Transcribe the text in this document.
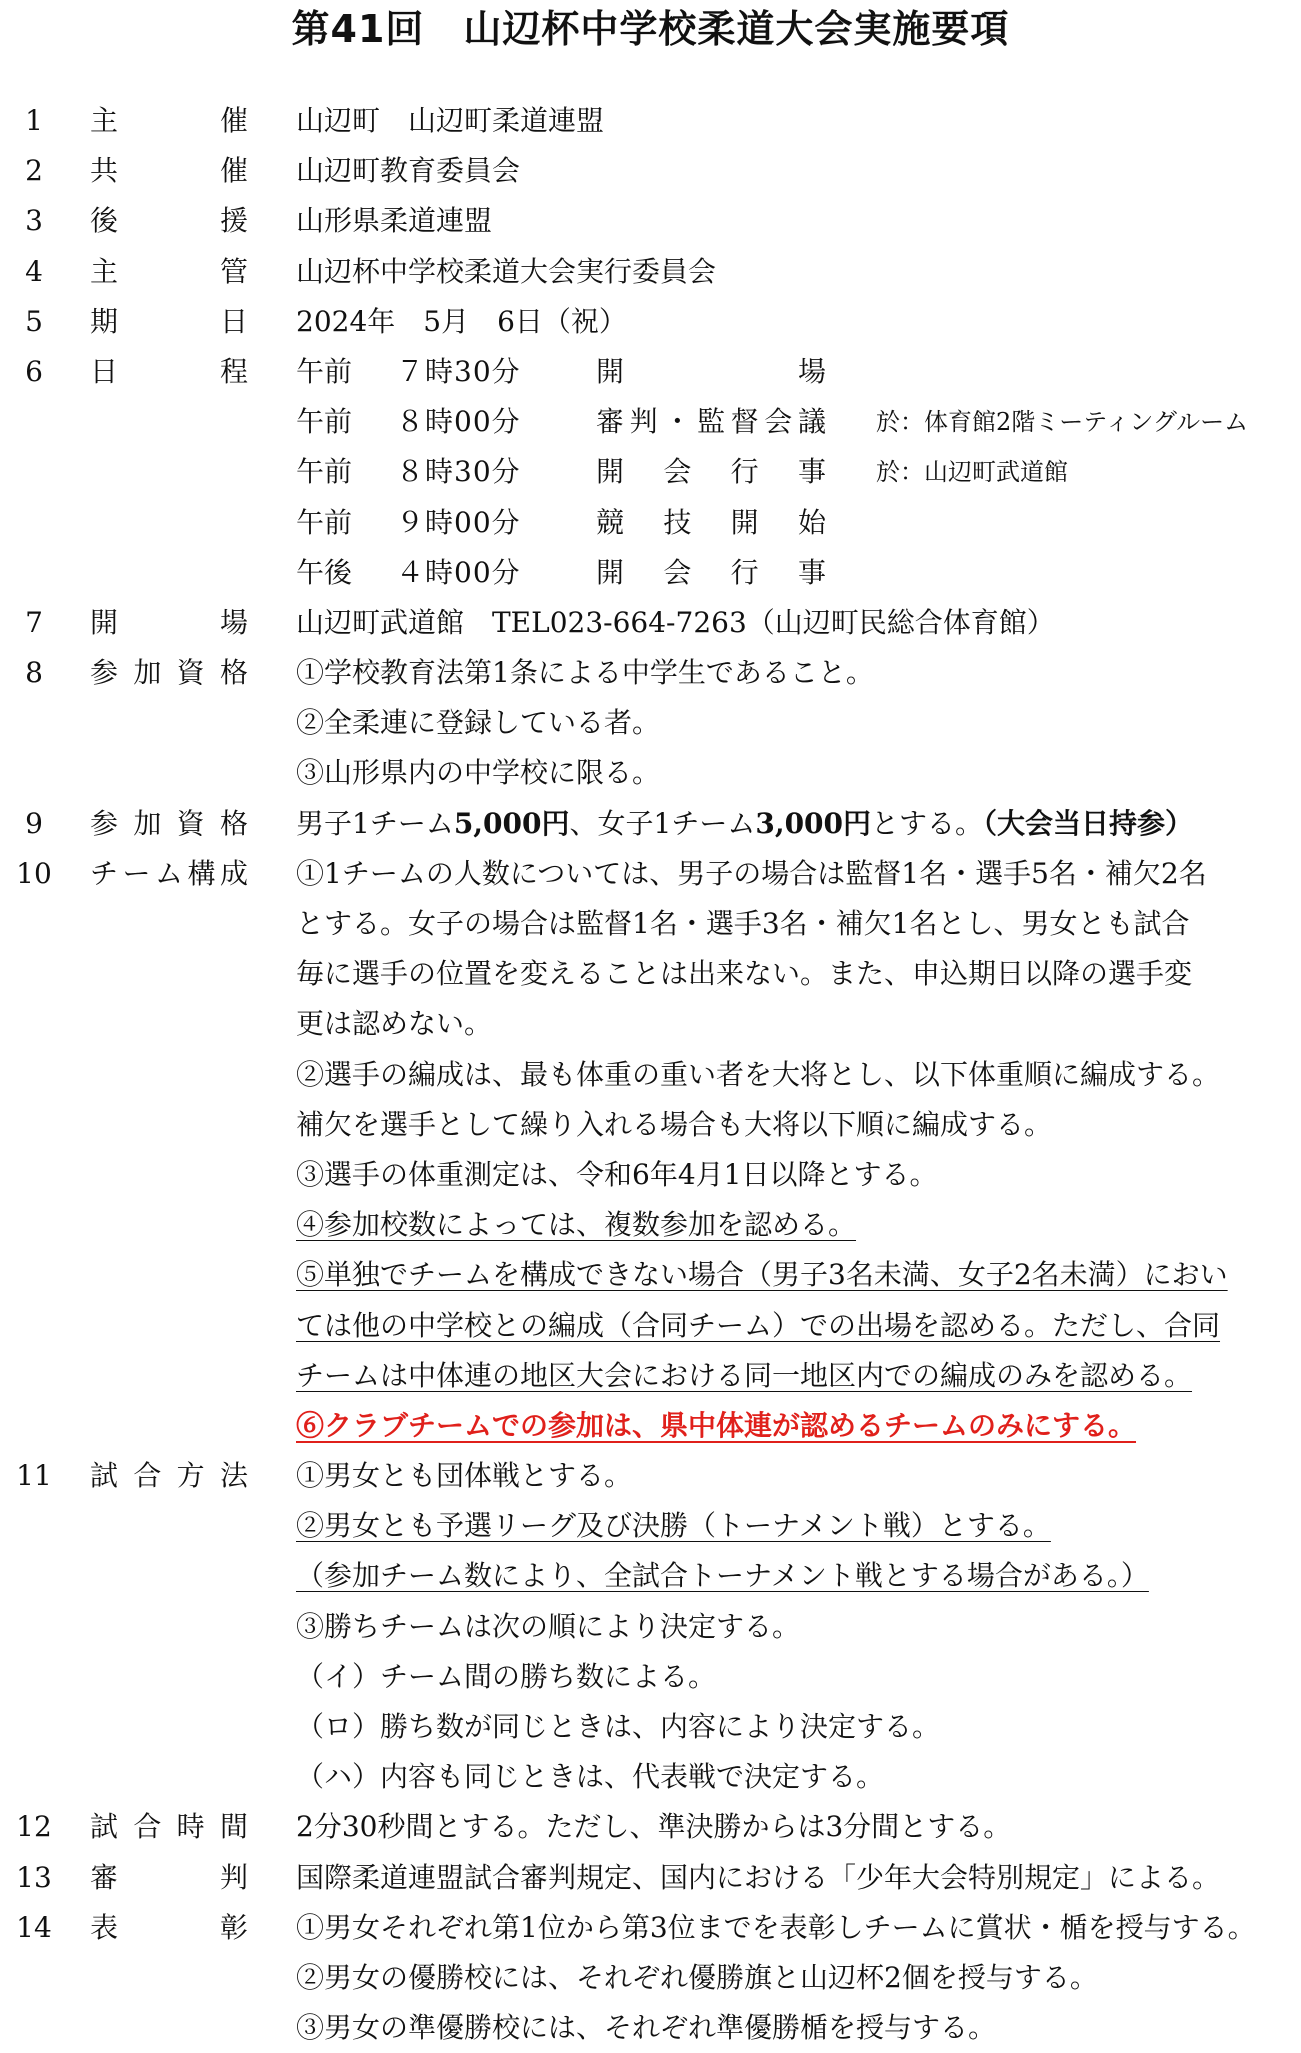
第41回　山辺杯中学校柔道大会実施要項
1	主	催 山辺町　山辺町柔道連盟
2	共	催 山辺町教育委員会
3	後	援 山形県柔道連盟
4	主	管 山辺杯中学校柔道大会実行委員会
5	期	日 2024年　5月　6日（祝）
6	日	程 午前 ７時30分	開	場
午前 ８時00分	審 判 ・ 監 督 会 議 於：体育館2階ミーティングルーム
午前 ８時30分	開 会 行 事 於：山辺町武道館
午前 ９時00分	競 技 開 始
午後 ４時00分	開 会 行 事
7	開	場 山辺町武道館　TEL023-664-7263（山辺町民総合体育館）
8	参 加 資 格 ①学校教育法第1条による中学生であること。
②全柔連に登録している者。
③山形県内の中学校に限る。
9	参 加 資 格 男子1チーム5,000円、女子1チーム3,000円とする。（大会当日持参）
10	チ ー ム 構 成 ①1チームの人数については、男子の場合は監督1名・選手5名・補欠2名
とする。女子の場合は監督1名・選手3名・補欠1名とし、男女とも試合
毎に選手の位置を変えることは出来ない。また、申込期日以降の選手変
更は認めない。
②選手の編成は、最も体重の重い者を大将とし、以下体重順に編成する。
補欠を選手として繰り入れる場合も大将以下順に編成する。
③選手の体重測定は、令和6年4月1日以降とする。
④参加校数によっては、複数参加を認める。
⑤単独でチームを構成できない場合（男子3名未満、女子2名未満）におい
ては他の中学校との編成（合同チーム）での出場を認める。ただし、合同
チームは中体連の地区大会における同一地区内での編成のみを認める。
⑥クラブチームでの参加は、県中体連が認めるチームのみにする。
11	試 合 方 法 ①男女とも団体戦とする。
②男女とも予選リーグ及び決勝（トーナメント戦）とする。
（参加チーム数により、全試合トーナメント戦とする場合がある。）
③勝ちチームは次の順により決定する。
（イ）チーム間の勝ち数による。
（ロ）勝ち数が同じときは、内容により決定する。
（ハ）内容も同じときは、代表戦で決定する。
12	試 合 時 間 2分30秒間とする。ただし、準決勝からは3分間とする。
13	審	判 国際柔道連盟試合審判規定、国内における「少年大会特別規定」による。
14	表	彰 ①男女それぞれ第1位から第3位までを表彰しチームに賞状・楯を授与する。
②男女の優勝校には、それぞれ優勝旗と山辺杯2個を授与する。
③男女の準優勝校には、それぞれ準優勝楯を授与する。
